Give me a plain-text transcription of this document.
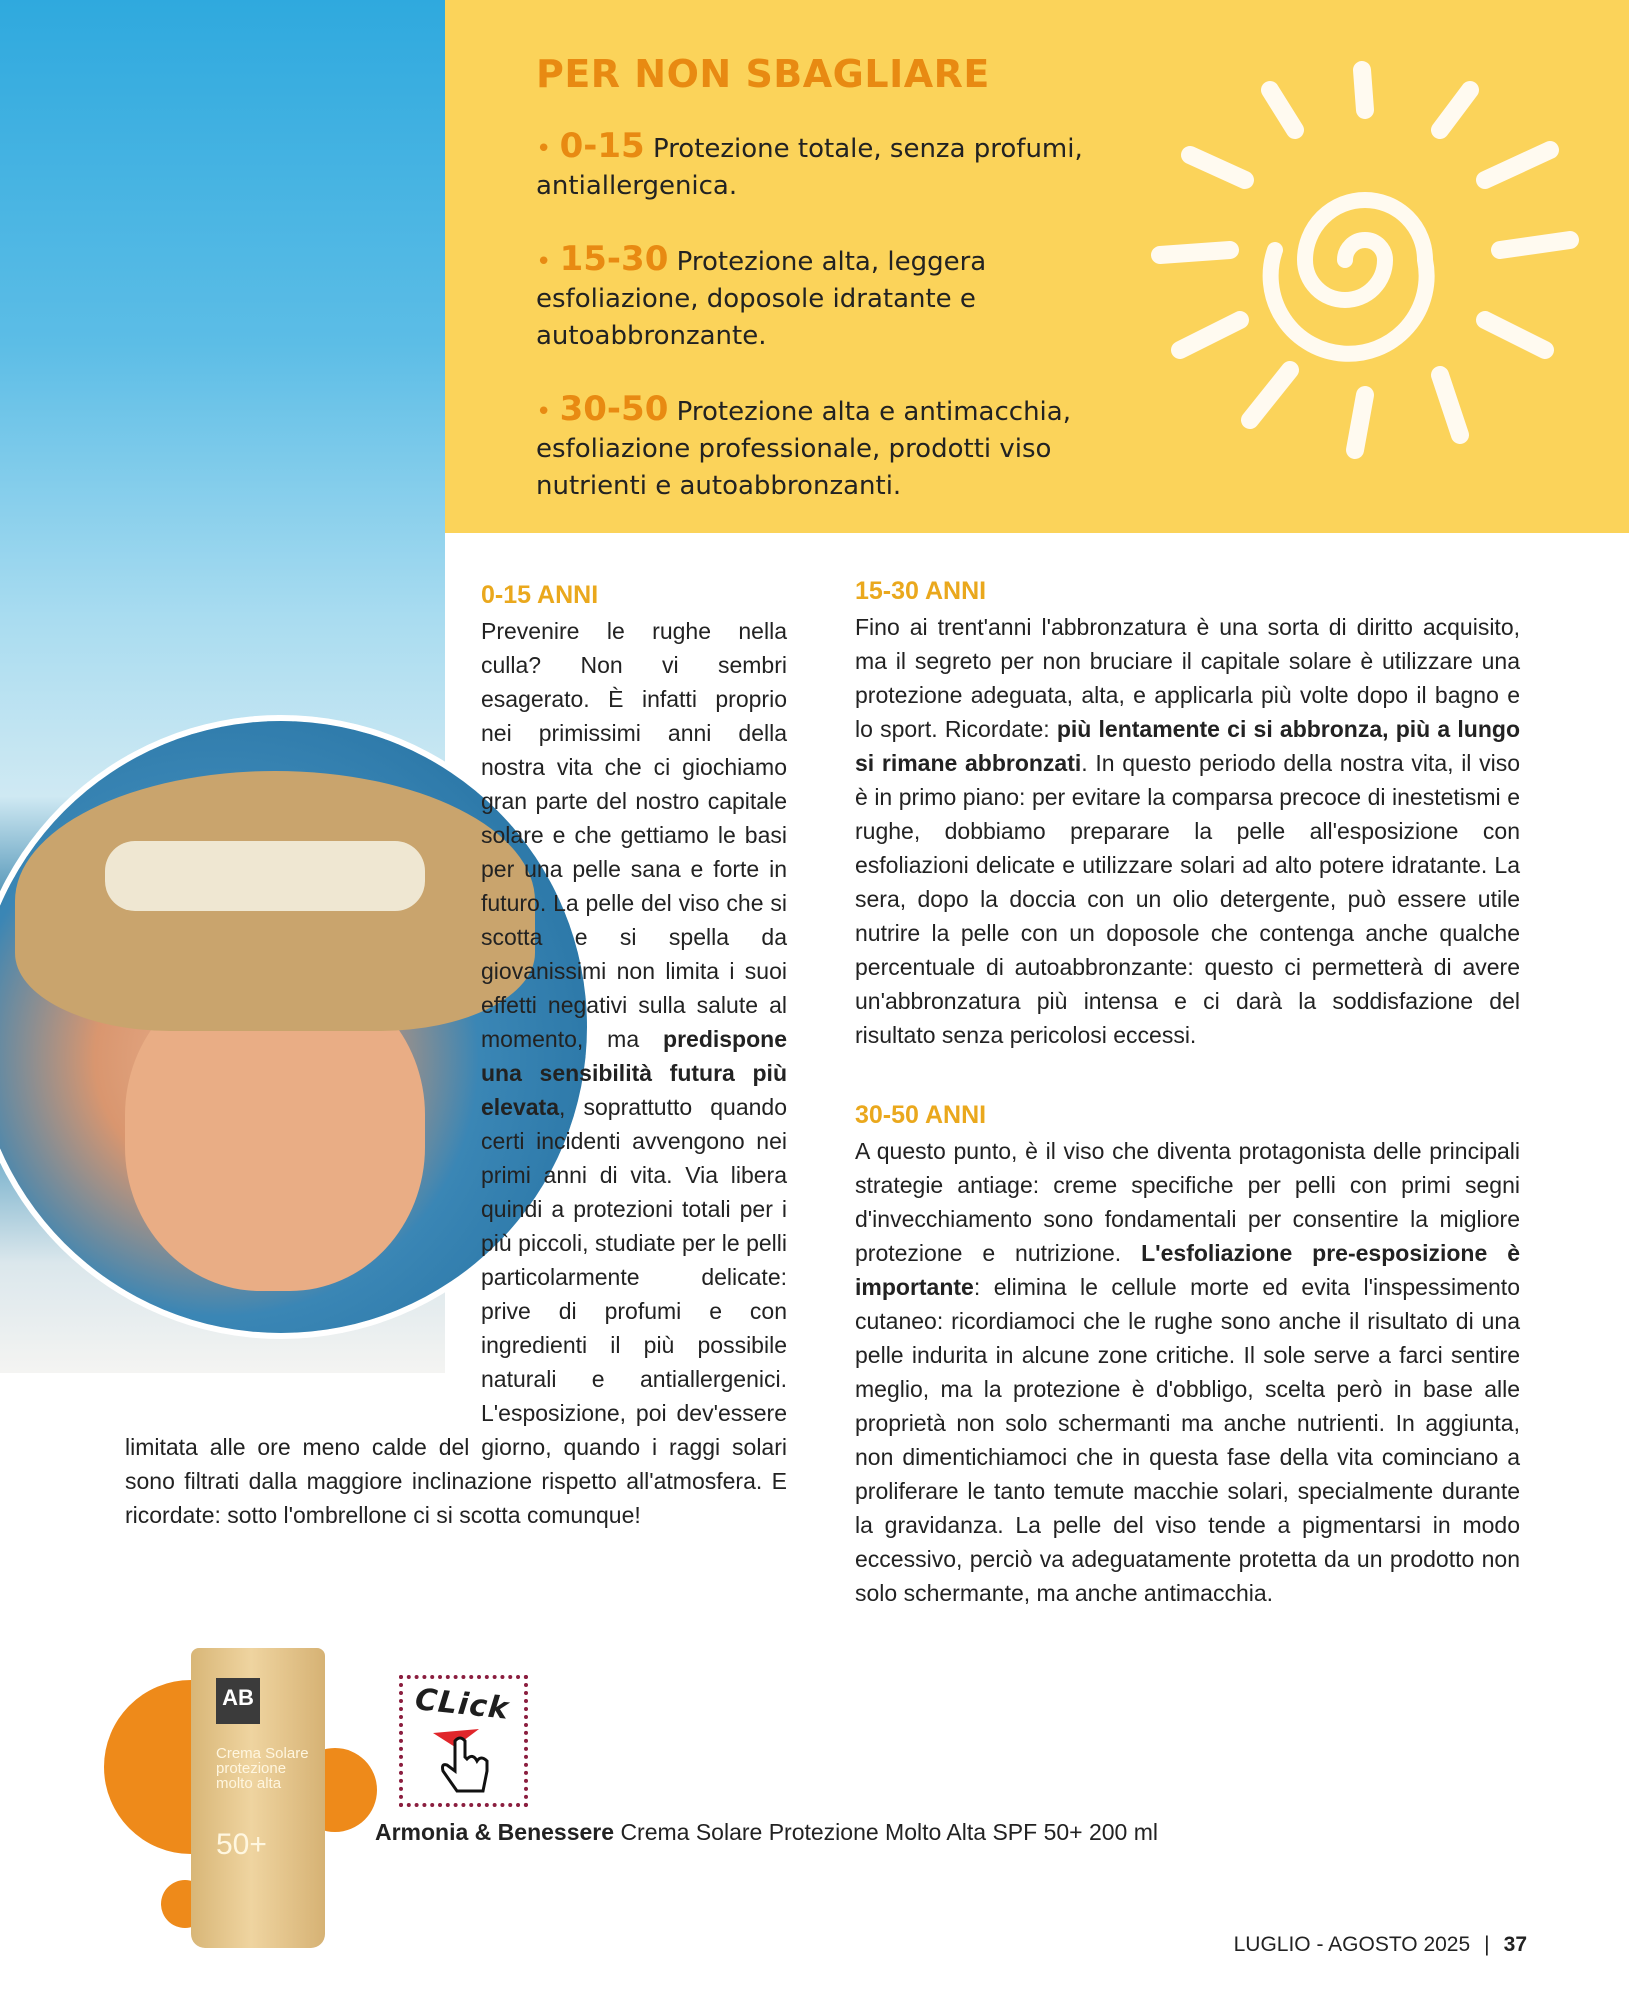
PER NON SBAGLIARE
• 0-15 Protezione totale, senza profumi, antiallergenica.
• 15-30 Protezione alta, leggera esfoliazione, doposole idratante e autoabbronzante.
• 30-50 Protezione alta e antimacchia, esfoliazione professionale, prodotti viso nutrienti e autoabbronzanti.
0-15 ANNI

Prevenire le rughe nella culla? Non vi sembri esagerato. È infatti proprio nei primissimi anni della nostra vita che ci giochiamo gran parte del nostro capitale solare e che gettiamo le basi per una pelle sana e forte in futuro. La pelle del viso che si scotta e si spella da giovanissimi non limita i suoi effetti negativi sulla salute al momento, ma predispone una sensibilità futura più elevata, soprattutto quando certi incidenti avvengono nei primi anni di vita. Via libera quindi a protezioni totali per i più piccoli, studiate per le pelli particolarmente delicate: prive di profumi e con ingredienti il più possibile naturali e antiallergenici. L'esposizione, poi dev'essere limitata alle ore meno calde del giorno, quando i raggi solari sono filtrati dalla maggiore inclinazione rispetto all'atmosfera. E ricordate: sotto l'ombrellone ci si scotta comunque!

15-30 ANNI

Fino ai trent'anni l'abbronzatura è una sorta di diritto acquisito, ma il segreto per non bruciare il capitale solare è utilizzare una protezione adeguata, alta, e applicarla più volte dopo il bagno e lo sport. Ricordate: più lentamente ci si abbronza, più a lungo si rimane abbronzati. In questo periodo della nostra vita, il viso è in primo piano: per evitare la comparsa precoce di inestetismi e rughe, dobbiamo preparare la pelle all'esposizione con esfoliazioni delicate e utilizzare solari ad alto potere idratante. La sera, dopo la doccia con un olio detergente, può essere utile nutrire la pelle con un doposole che contenga anche qualche percentuale di autoabbronzante: questo ci permetterà di avere un'abbronzatura più intensa e ci darà la soddisfazione del risultato senza pericolosi eccessi.

30-50 ANNI

A questo punto, è il viso che diventa protagonista delle principali strategie antiage: creme specifiche per pelli con primi segni d'invecchiamento sono fondamentali per consentire la migliore protezione e nutrizione. L'esfoliazione pre-esposizione è importante: elimina le cellule morte ed evita l'inspessimento cutaneo: ricordiamoci che le rughe sono anche il risultato di una pelle indurita in alcune zone critiche. Il sole serve a farci sentire meglio, ma la protezione è d'obbligo, scelta però in base alle proprietà non solo schermanti ma anche nutrienti. In aggiunta, non dimentichiamoci che in questa fase della vita cominciano a proliferare le tanto temute macchie solari, specialmente durante la gravidanza. La pelle del viso tende a pigmentarsi in modo eccessivo, perciò va adeguatamente protetta da un prodotto non solo schermante, ma anche antimacchia.

AB
Crema Solare protezione molto alta
50+
CLick
Armonia & Benessere Crema Solare Protezione Molto Alta SPF 50+ 200 ml
LUGLIO - AGOSTO 2025 | 37
